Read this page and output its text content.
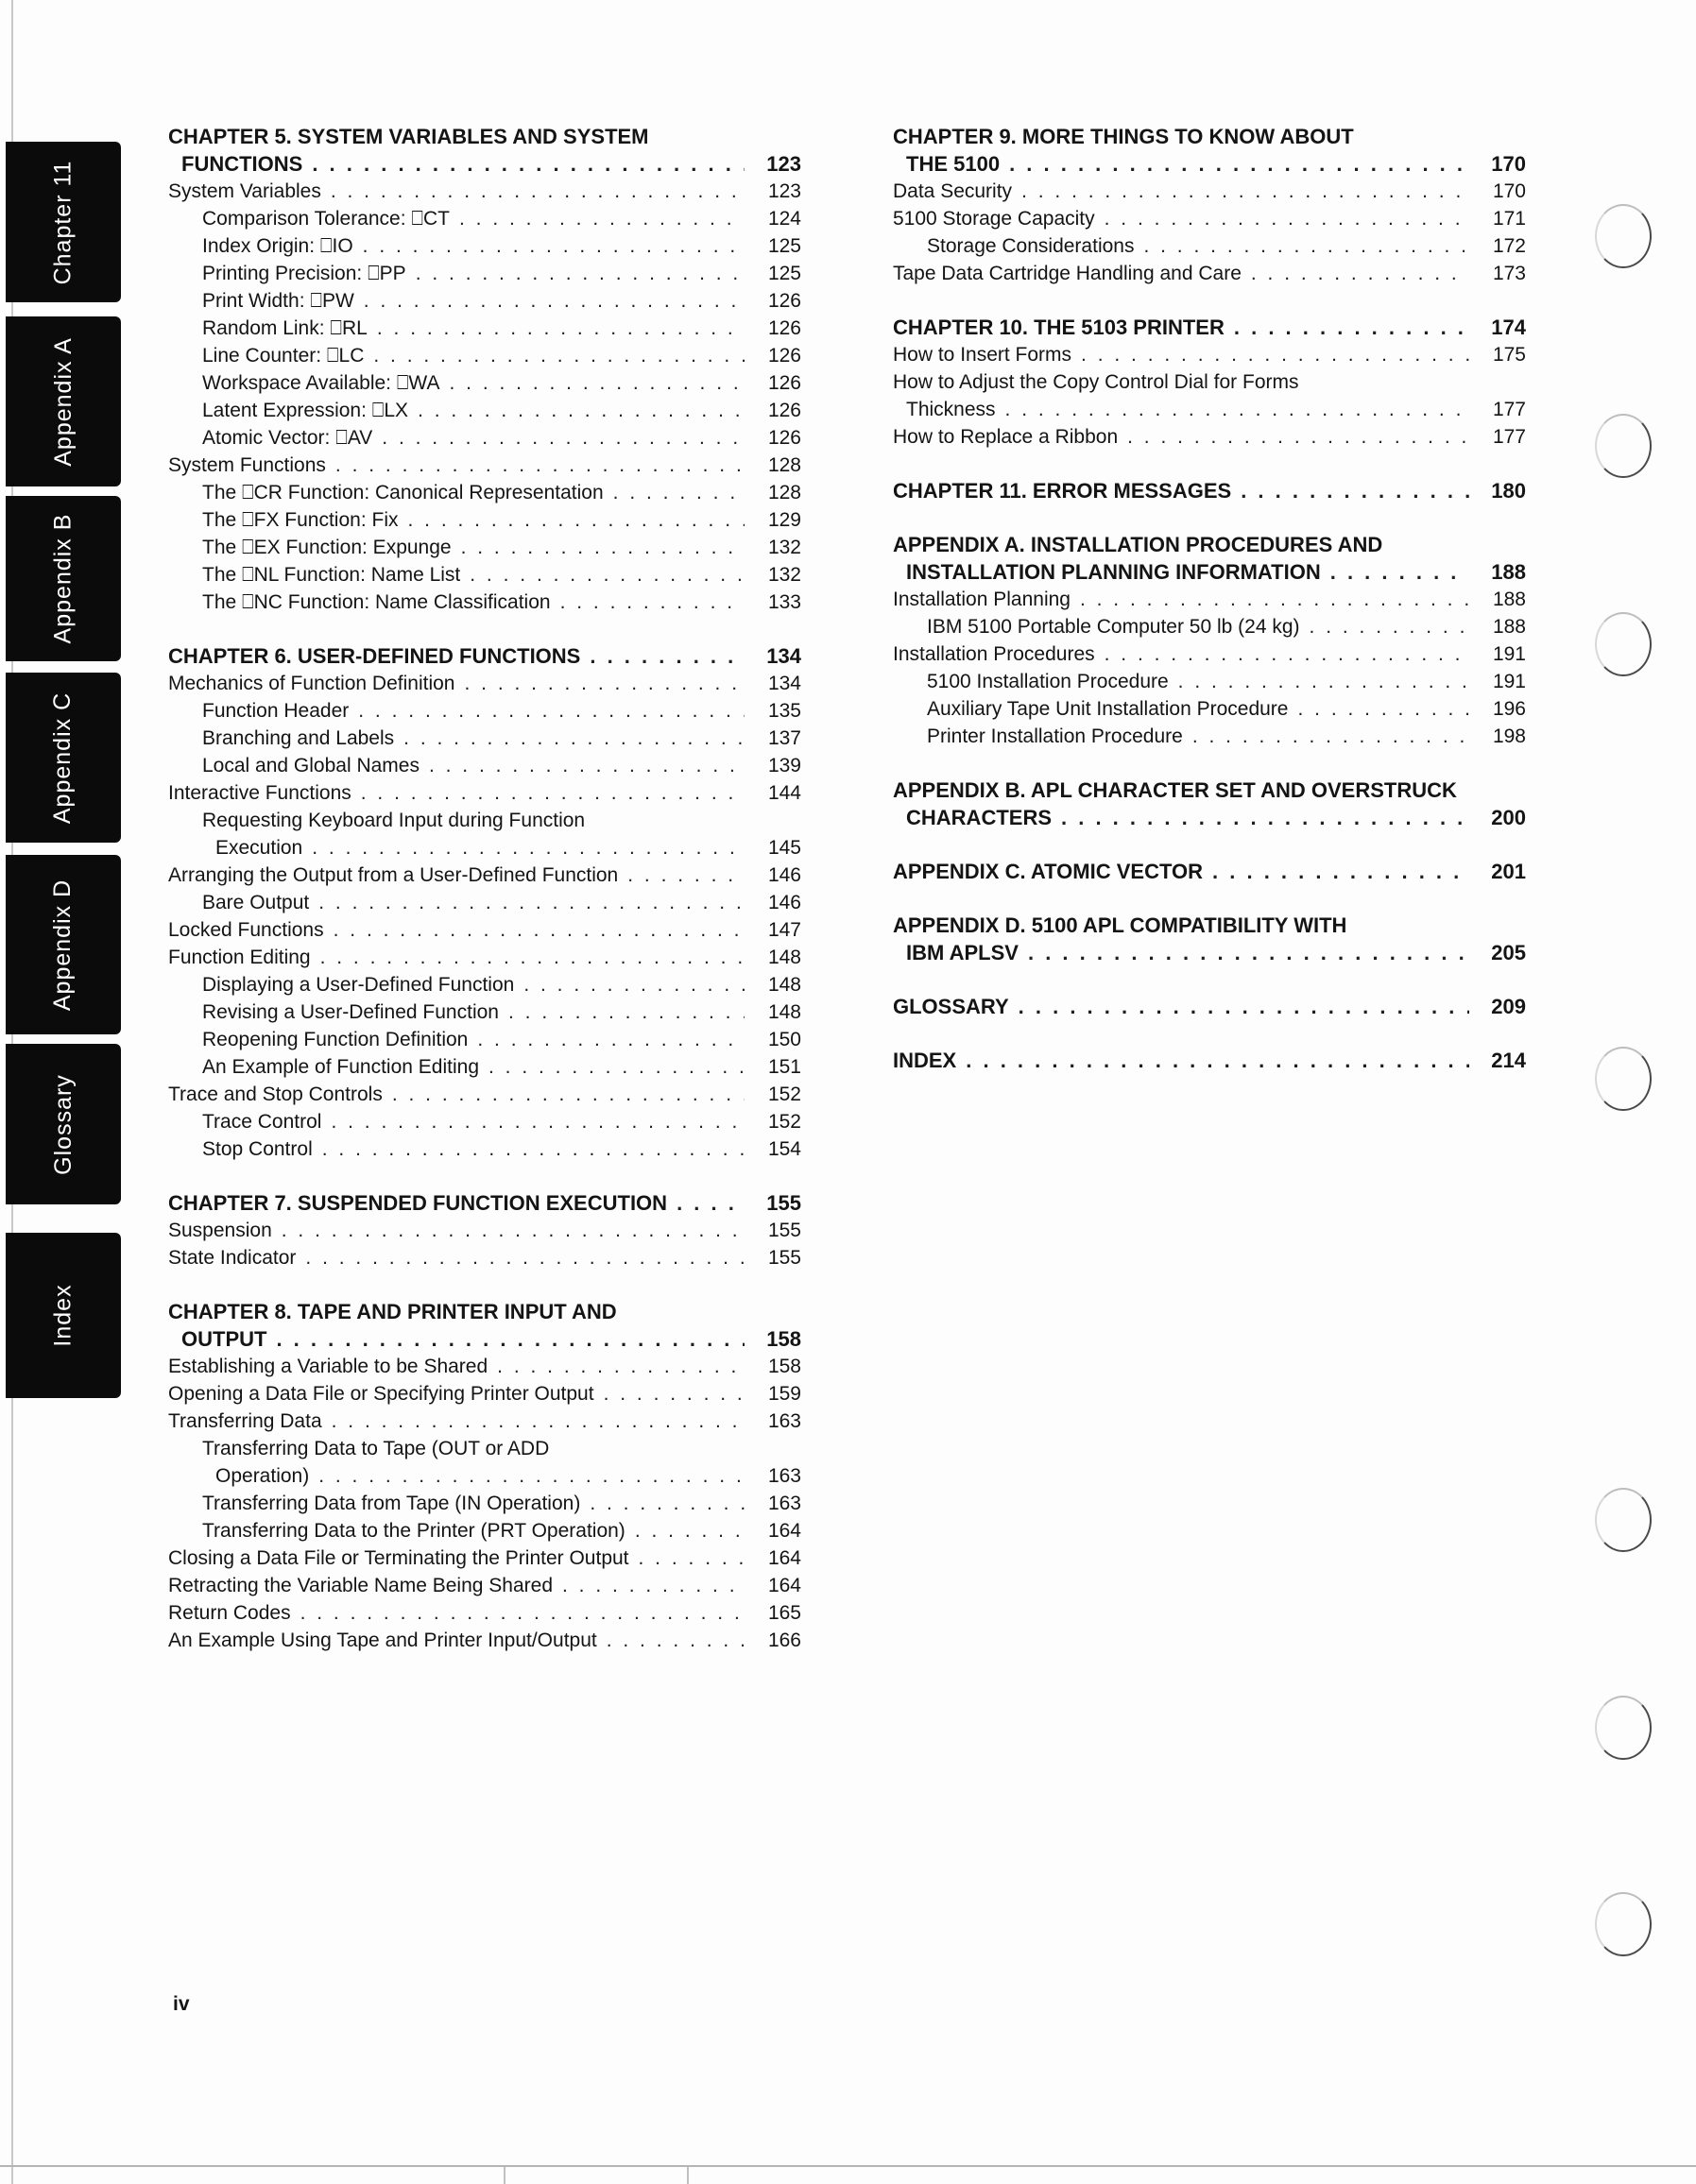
Chapter 11
Appendix A
Appendix B
Appendix C
Appendix D
Glossary
Index
CHAPTER 5. SYSTEM VARIABLES AND SYSTEM
FUNCTIONS . . .	123
System Variables . . .	123
Comparison Tolerance: ⎕CT . . .	124
Index Origin: ⎕IO . . .	125
Printing Precision: ⎕PP . . .	125
Print Width: ⎕PW . . .	126
Random Link: ⎕RL . . .	126
Line Counter: ⎕LC . . .	126
Workspace Available: ⎕WA . . .	126
Latent Expression: ⎕LX . . .	126
Atomic Vector: ⎕AV . . .	126
System Functions . . .	128
The ⎕CR Function: Canonical Representation . . .	128
The ⎕FX Function: Fix . . .	129
The ⎕EX Function: Expunge . . .	132
The ⎕NL Function: Name List . . .	132
The ⎕NC Function: Name Classification . . .	133
CHAPTER 6. USER-DEFINED FUNCTIONS . . .	134
Mechanics of Function Definition . . .	134
Function Header . . .	135
Branching and Labels . . .	137
Local and Global Names . . .	139
Interactive Functions . . .	144
Requesting Keyboard Input during Function
Execution . . .	145
Arranging the Output from a User-Defined Function . . .	146
Bare Output . . .	146
Locked Functions . . .	147
Function Editing . . .	148
Displaying a User-Defined Function . . .	148
Revising a User-Defined Function . . .	148
Reopening Function Definition . . .	150
An Example of Function Editing . . .	151
Trace and Stop Controls . . .	152
Trace Control . . .	152
Stop Control . . .	154
CHAPTER 7. SUSPENDED FUNCTION EXECUTION . . .	155
Suspension . . .	155
State Indicator . . .	155
CHAPTER 8. TAPE AND PRINTER INPUT AND
OUTPUT . . .	158
Establishing a Variable to be Shared . . .	158
Opening a Data File or Specifying Printer Output . . .	159
Transferring Data . . .	163
Transferring Data to Tape (OUT or ADD
Operation) . . .	163
Transferring Data from Tape (IN Operation) . . .	163
Transferring Data to the Printer (PRT Operation) . . .	164
Closing a Data File or Terminating the Printer Output . . .	164
Retracting the Variable Name Being Shared . . .	164
Return Codes . . .	165
An Example Using Tape and Printer Input/Output . . .	166
CHAPTER 9. MORE THINGS TO KNOW ABOUT
THE 5100 . . .	170
Data Security . . .	170
5100 Storage Capacity . . .	171
Storage Considerations . . .	172
Tape Data Cartridge Handling and Care . . .	173
CHAPTER 10. THE 5103 PRINTER . . .	174
How to Insert Forms . . .	175
How to Adjust the Copy Control Dial for Forms
Thickness . . .	177
How to Replace a Ribbon . . .	177
CHAPTER 11. ERROR MESSAGES . . .	180
APPENDIX A. INSTALLATION PROCEDURES AND
INSTALLATION PLANNING INFORMATION . . .	188
Installation Planning . . .	188
IBM 5100 Portable Computer 50 lb (24 kg) . . .	188
Installation Procedures . . .	191
5100 Installation Procedure . . .	191
Auxiliary Tape Unit Installation Procedure . . .	196
Printer Installation Procedure . . .	198
APPENDIX B. APL CHARACTER SET AND OVERSTRUCK
CHARACTERS . . .	200
APPENDIX C. ATOMIC VECTOR . . .	201
APPENDIX D. 5100 APL COMPATIBILITY WITH
IBM APLSV . . .	205
GLOSSARY . . .	209
INDEX . . .	214
iv
